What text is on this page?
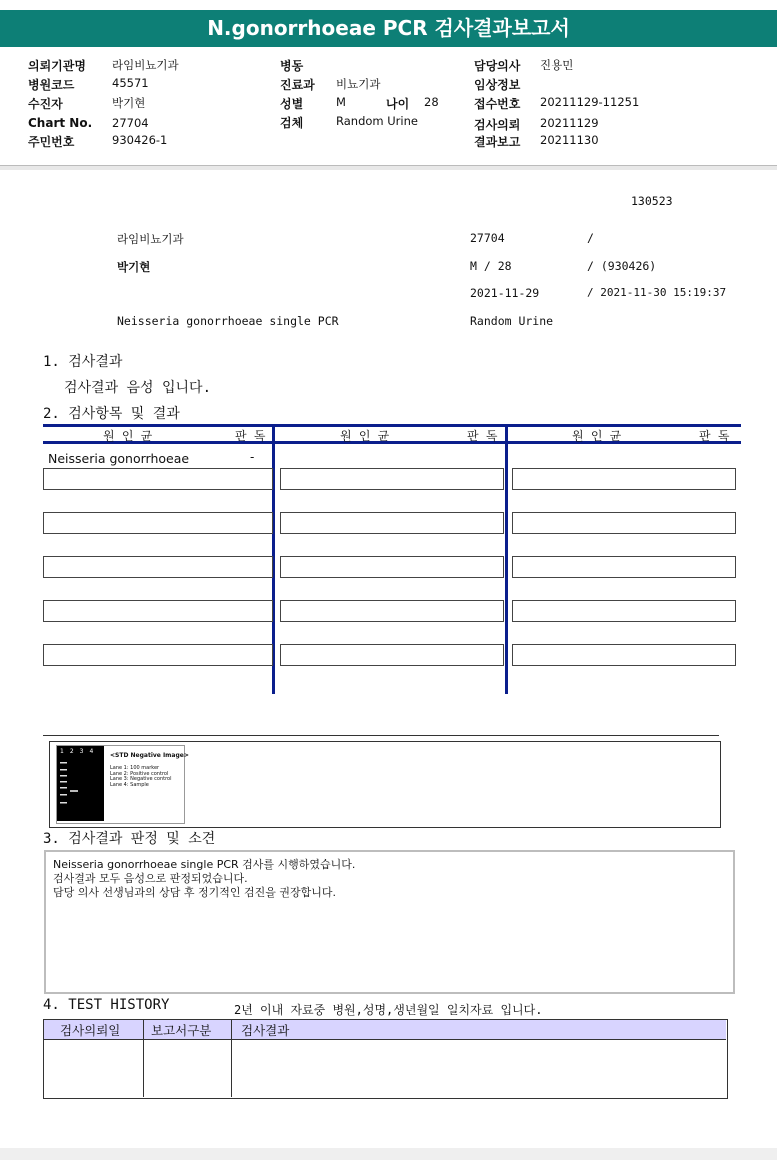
N.gonorrhoeae PCR 검사결과보고서
의뢰기관명 라임비뇨기과
병원코드	45571
수진자	박기현
Chart No. 27704
주민번호	930426-1
병동
진료과 비뇨기과
성별	M	나이 28
검체	Random Urine
담당의사 진용민
임상정보
접수번호 20211129-11251
검사의뢰 20211129
결과보고 20211130
130523
라임비뇨기과	27704	/
박기현	M / 28	/ (930426)
2021-11-29	/ 2021-11-30 15:19:37
Neisseria gonorrhoeae single PCR	Random Urine
1. 검사결과
검사결과 음성 입니다.
2. 검사항목 및 결과
원 인 균	판 독	원 인 균	판 독	원 인 균	판 독
Neisseria gonorrhoeae	-
1234
<STD Negative Image>
Lane 1: 100 marker
Lane 2: Positive control
Lane 3: Negative control
Lane 4: Sample
3. 검사결과 판정 및 소견
Neisseria gonorrhoeae single PCR 검사를 시행하였습니다.
검사결과 모두 음성으로 판정되었습니다.
담당 의사 선생님과의 상담 후 정기적인 검진을 권장합니다.
4. TEST HISTORY	2년 이내 자료중 병원,성명,생년월일 일치자료 입니다.
검사의뢰일 보고서구분 검사결과
